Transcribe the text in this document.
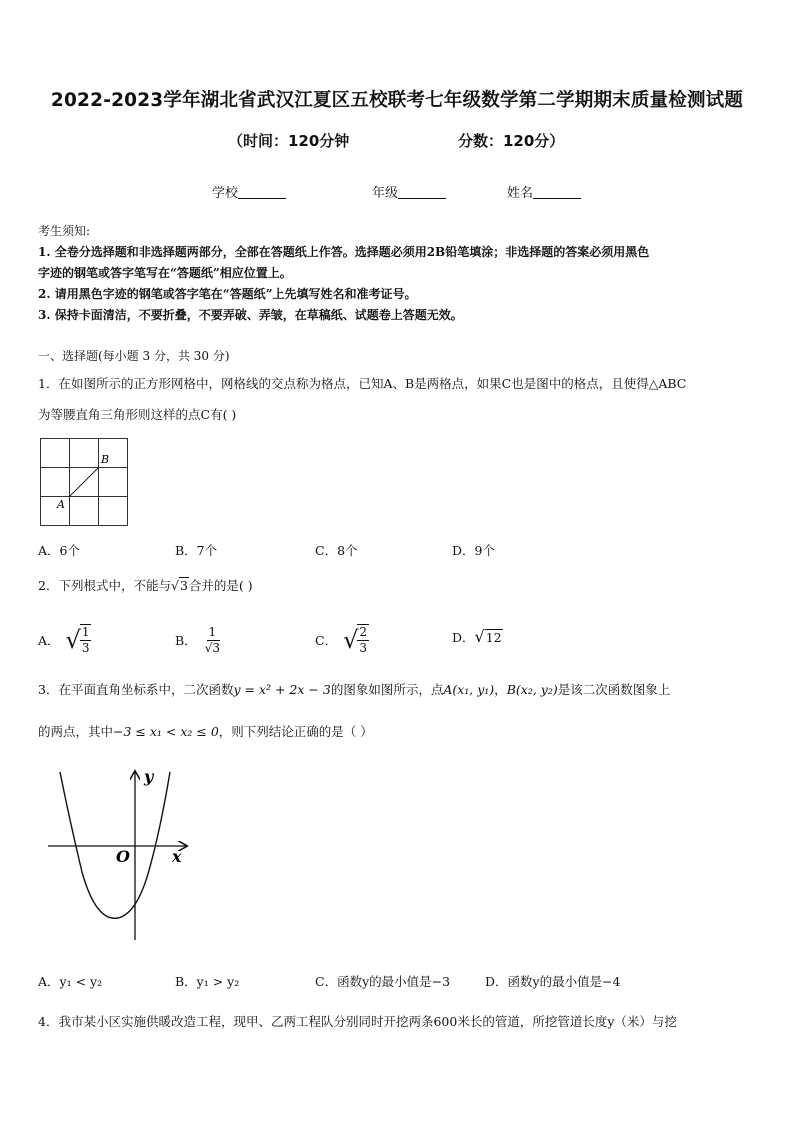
2022-2023学年湖北省武汉江夏区五校联考七年级数学第二学期期末质量检测试题
（时间：120分钟	分数：120分）
学校	年级	姓名
考生须知:
1. 全卷分选择题和非选择题两部分，全部在答题纸上作答。选择题必须用2B铅笔填涂；非选择题的答案必须用黑色
字迹的钢笔或答字笔写在“答题纸”相应位置上。
2. 请用黑色字迹的钢笔或答字笔在“答题纸”上先填写姓名和准考证号。
3. 保持卡面清洁，不要折叠，不要弄破、弄皱，在草稿纸、试题卷上答题无效。
一、选择题(每小题 3 分，共 30 分)
1．在如图所示的正方形网格中，网格线的交点称为格点，已知A、B是两格点，如果C也是图中的格点，且使得△ABC
为等腰直角三角形则这样的点C有( )
A
B
A．6个	B．7个	C．8个	D．9个
2．下列根式中，不能与√3合并的是( )
A． √ $\frac{1}{3}$	B． $\frac{1}{√3}$	C． √ $\frac{2}{3}$	D．√12
3．在平面直角坐标系中，二次函数y = x² + 2x − 3的图象如图所示，点A(x₁, y₁)，B(x₂, y₂)是该二次函数图象上
的两点，其中−3 ≤ x₁ < x₂ ≤ 0，则下列结论正确的是（ ）
y
x
O
A．y₁ < y₂	B．y₁ > y₂	C．函数y的最小值是−3	D．函数y的最小值是−4
4．我市某小区实施供暖改造工程，现甲、乙两工程队分别同时开挖两条600米长的管道，所挖管道长度y（米）与挖
